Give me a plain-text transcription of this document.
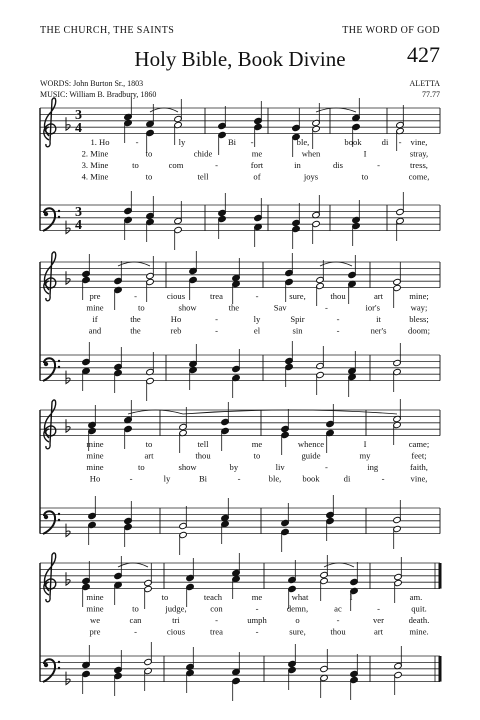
THE CHURCH, THE SAINTS	THE WORD OF GOD
427
Holy Bible, Book Divine
WORDS: John Burton Sr., 1803
MUSIC: William B. Bradbury, 1860
ALETTA
77.77
3
4
3
4
1. Ho	-	ly	Bi -	ble,	book di - vine,
2. Mine	to	chide	me	when	I	stray,
3. Mine	to	com	-	fort	in	dis	-	tress,
4. Mine	to	tell	of	joys	to	come,
pre	-	cious	trea	-	sure,	thou	art	mine;
mine	to	show	the	Sav	-	ior's	way;
if	the	Ho	-	ly	Spir	-	it	bless;
and	the	reb	-	el	sin	-	ner's	doom;
mine	to	tell	me	whence	I	came;
mine	art	thou	to	guide	my	feet;
mine	to	show	by	liv	-	ing	faith,
Ho	-	ly	Bi	-	ble, book	di	-	vine,
mine	to	teach	me	what	I	am.
mine	to	judge,	con	-	demn,	ac	-	quit.
we	can	tri	-	umph	o	-	ver	death.
pre	-	cious	trea	-	sure,	thou	art	mine.
